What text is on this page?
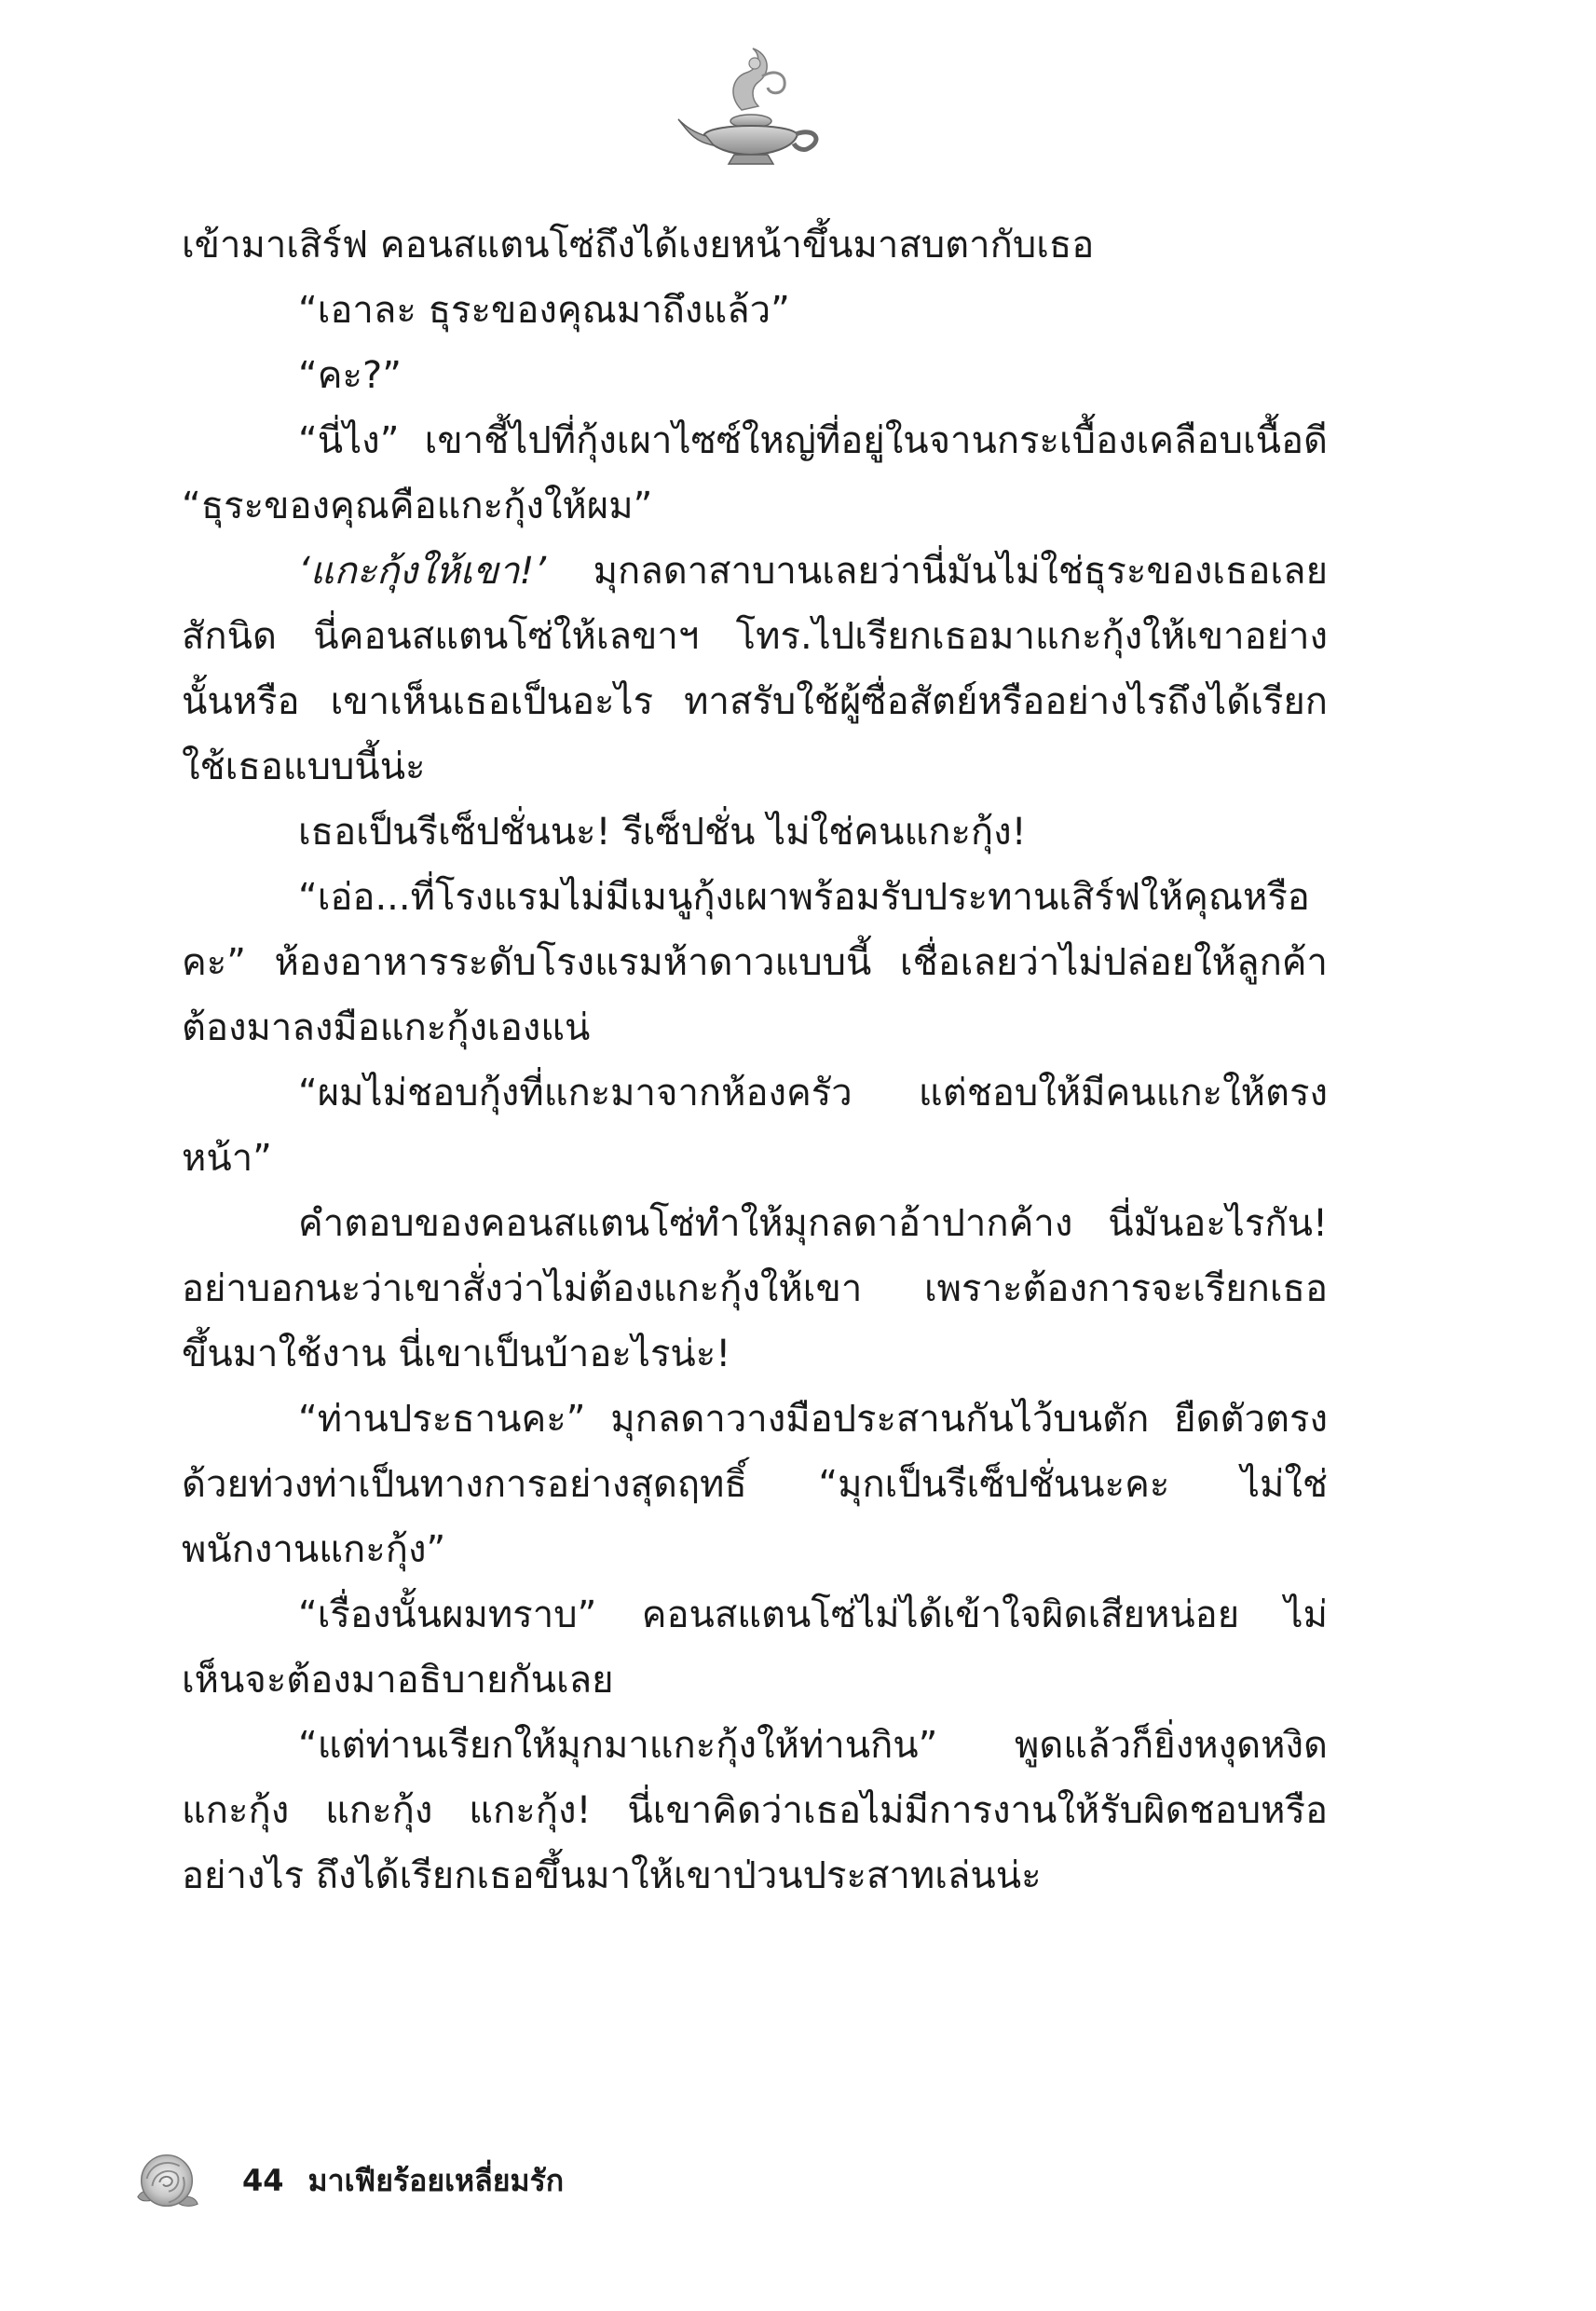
เข้ามาเสิร์ฟ คอนสแตนโซ่ถึงได้เงยหน้าขึ้นมาสบตากับเธอ

“เอาละ ธุระของคุณมาถึงแล้ว”

“คะ?”

“นี่ไง” เขาชี้ไปที่กุ้งเผาไซซ์ใหญ่ที่อยู่ในจานกระเบื้องเคลือบเนื้อดี “ธุระของคุณคือแกะกุ้งให้ผม”

‘แกะกุ้งให้เขา!’ มุกลดาสาบานเลยว่านี่มันไม่ใช่ธุระของเธอเลยสักนิด นี่คอนสแตนโซ่ให้เลขาฯ โทร.ไปเรียกเธอมาแกะกุ้งให้เขาอย่างนั้นหรือ เขาเห็นเธอเป็นอะไร ทาสรับใช้ผู้ซื่อสัตย์หรืออย่างไรถึงได้เรียกใช้เธอแบบนี้น่ะ

เธอเป็นรีเซ็ปชั่นนะ! รีเซ็ปชั่น ไม่ใช่คนแกะกุ้ง!

“เอ่อ...ที่โรงแรมไม่มีเมนูกุ้งเผาพร้อมรับประทานเสิร์ฟให้คุณหรือคะ” ห้องอาหารระดับโรงแรมห้าดาวแบบนี้ เชื่อเลยว่าไม่ปล่อยให้ลูกค้าต้องมาลงมือแกะกุ้งเองแน่

“ผมไม่ชอบกุ้งที่แกะมาจากห้องครัว แต่ชอบให้มีคนแกะให้ตรงหน้า”

คำตอบของคอนสแตนโซ่ทำให้มุกลดาอ้าปากค้าง นี่มันอะไรกัน! อย่าบอกนะว่าเขาสั่งว่าไม่ต้องแกะกุ้งให้เขา เพราะต้องการจะเรียกเธอขึ้นมาใช้งาน นี่เขาเป็นบ้าอะไรน่ะ!

“ท่านประธานคะ” มุกลดาวางมือประสานกันไว้บนตัก ยืดตัวตรงด้วยท่วงท่าเป็นทางการอย่างสุดฤทธิ์ “มุกเป็นรีเซ็ปชั่นนะคะ ไม่ใช่พนักงานแกะกุ้ง”

“เรื่องนั้นผมทราบ” คอนสแตนโซ่ไม่ได้เข้าใจผิดเสียหน่อย ไม่เห็นจะต้องมาอธิบายกันเลย

“แต่ท่านเรียกให้มุกมาแกะกุ้งให้ท่านกิน” พูดแล้วก็ยิ่งหงุดหงิด แกะกุ้ง แกะกุ้ง แกะกุ้ง! นี่เขาคิดว่าเธอไม่มีการงานให้รับผิดชอบหรืออย่างไร ถึงได้เรียกเธอขึ้นมาให้เขาป่วนประสาทเล่นน่ะ

44 มาเฟียร้อยเหลี่ยมรัก
